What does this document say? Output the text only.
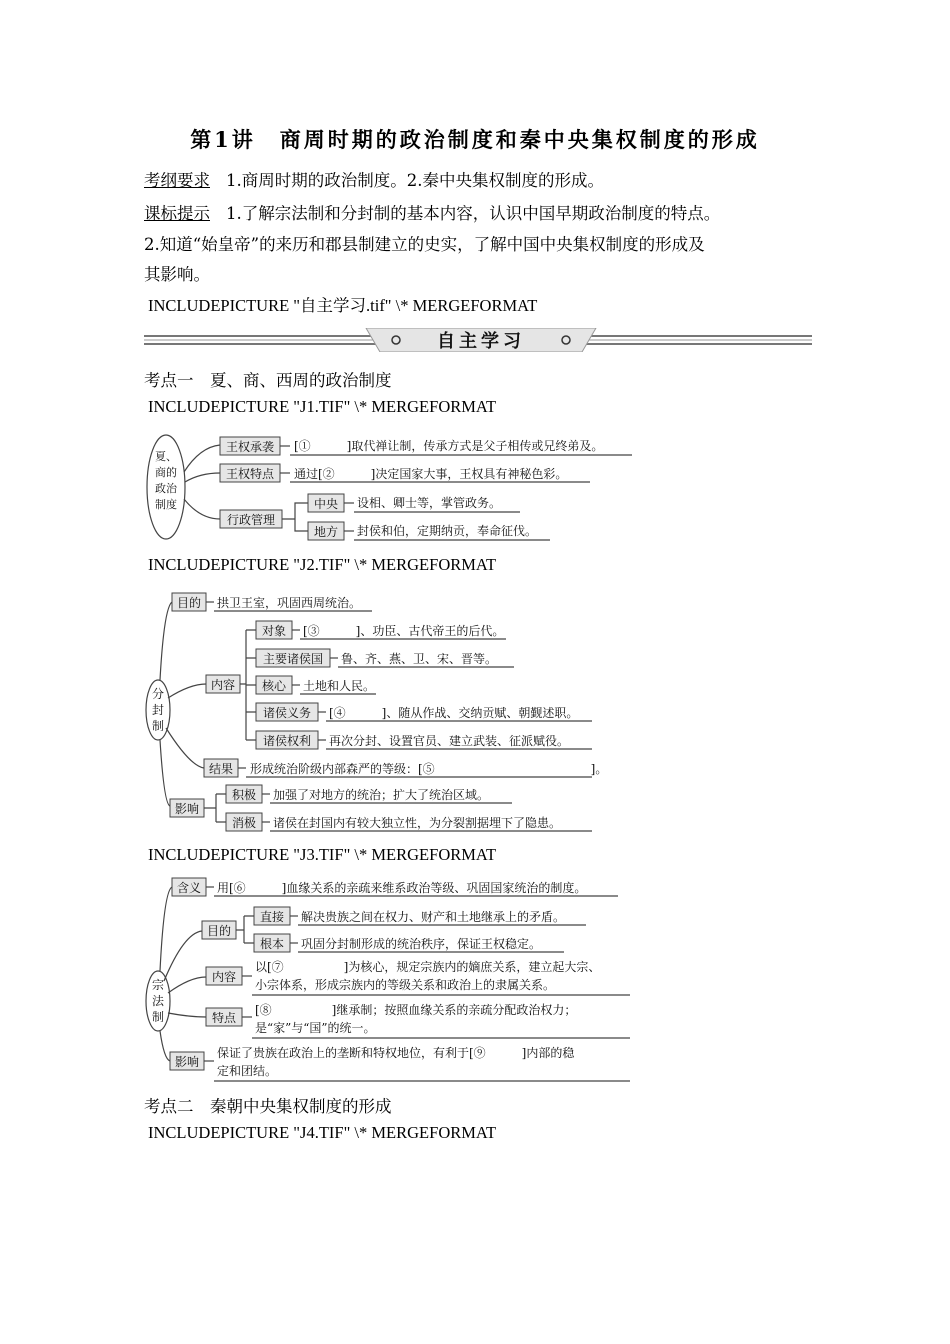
第1讲　商周时期的政治制度和秦中央集权制度的形成
考纲要求 1.商周时期的政治制度。2.秦中央集权制度的形成。
课标提示 1.了解宗法制和分封制的基本内容，认识中国早期政治制度的特点。
2.知道“始皇帝”的来历和郡县制建立的史实，了解中国中央集权制度的形成及
其影响。
INCLUDEPICTURE "自主学习.tif" \* MERGEFORMAT
自主学习
考点一　夏、商、西周的政治制度
INCLUDEPICTURE "J1.TIF" \* MERGEFORMAT
夏、
商的
政治
制度
王权承袭 [①　　　]取代禅让制，传承方式是父子相传或兄终弟及。
王权特点 通过[②　　　]决定国家大事，王权具有神秘色彩。
行政管理
中央 设相、卿士等，掌管政务。
地方 封侯和伯，定期纳贡，奉命征伐。
INCLUDEPICTURE "J2.TIF" \* MERGEFORMAT
分
封
制
目的 拱卫王室，巩固西周统治。
内容
对象 [③　　　]、功臣、古代帝王的后代。
主要诸侯国 鲁、齐、燕、卫、宋、晋等。
核心 土地和人民。
诸侯义务 [④　　　]、随从作战、交纳贡赋、朝觐述职。
诸侯权利 再次分封、设置官员、建立武装、征派赋役。
结果 形成统治阶级内部森严的等级：[⑤　　　　　　　　　　　　　]。
影响
积极 加强了对地方的统治；扩大了统治区域。
消极 诸侯在封国内有较大独立性，为分裂割据埋下了隐患。
INCLUDEPICTURE "J3.TIF" \* MERGEFORMAT
宗
法
制
含义 用[⑥　　　]血缘关系的亲疏来维系政治等级、巩固国家统治的制度。
目的
直接 解决贵族之间在权力、财产和土地继承上的矛盾。
根本 巩固分封制形成的统治秩序，保证王权稳定。
内容
以[⑦　　　　　]为核心，规定宗族内的嫡庶关系，建立起大宗、
小宗体系，形成宗族内的等级关系和政治上的隶属关系。
特点
[⑧　　　　　]继承制；按照血缘关系的亲疏分配政治权力；
是“家”与“国”的统一。
影响
保证了贵族在政治上的垄断和特权地位，有利于[⑨　　　]内部的稳
定和团结。
考点二　秦朝中央集权制度的形成
INCLUDEPICTURE "J4.TIF" \* MERGEFORMAT
